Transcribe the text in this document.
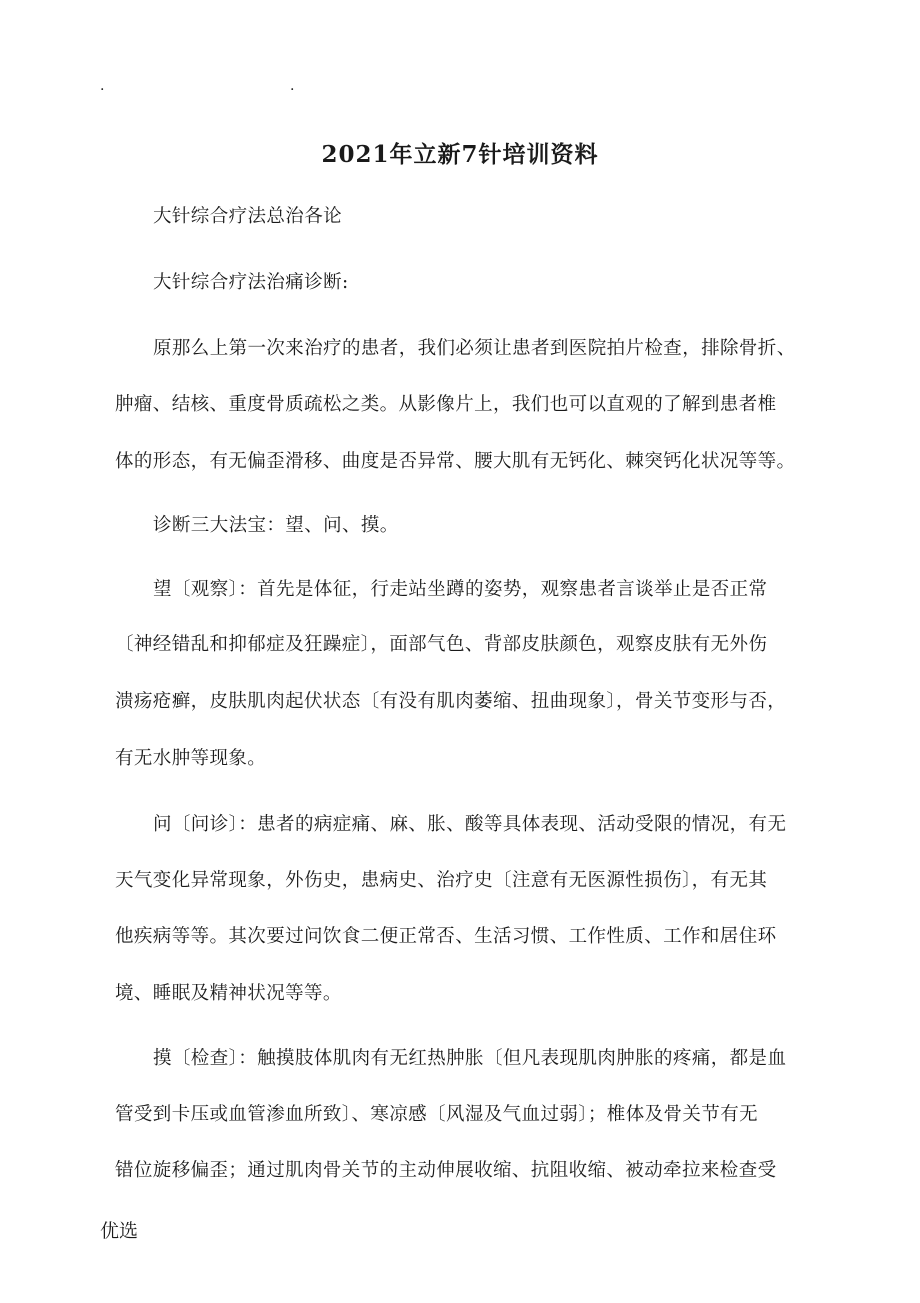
.	.
2021年立新7针培训资料
大针综合疗法总治各论
大针综合疗法治痛诊断:
原那么上第一次来治疗的患者，我们必须让患者到医院拍片检查，排除骨折、
肿瘤、结核、重度骨质疏松之类。从影像片上，我们也可以直观的了解到患者椎
体的形态，有无偏歪滑移、曲度是否异常、腰大肌有无钙化、棘突钙化状况等等。
诊断三大法宝：望、问、摸。
望〔观察〕：首先是体征，行走站坐蹲的姿势，观察患者言谈举止是否正常
〔神经错乱和抑郁症及狂躁症〕，面部气色、背部皮肤颜色，观察皮肤有无外伤
溃疡疮癣，皮肤肌肉起伏状态〔有没有肌肉萎缩、扭曲现象〕，骨关节变形与否，
有无水肿等现象。
问〔问诊〕：患者的病症痛、麻、胀、酸等具体表现、活动受限的情况，有无
天气变化异常现象，外伤史，患病史、治疗史〔注意有无医源性损伤〕，有无其
他疾病等等。其次要过问饮食二便正常否、生活习惯、工作性质、工作和居住环
境、睡眠及精神状况等等。
摸〔检查〕：触摸肢体肌肉有无红热肿胀〔但凡表现肌肉肿胀的疼痛，都是血
管受到卡压或血管渗血所致〕、寒凉感〔风湿及气血过弱〕；椎体及骨关节有无
错位旋移偏歪；通过肌肉骨关节的主动伸展收缩、抗阻收缩、被动牵拉来检查受
优选
